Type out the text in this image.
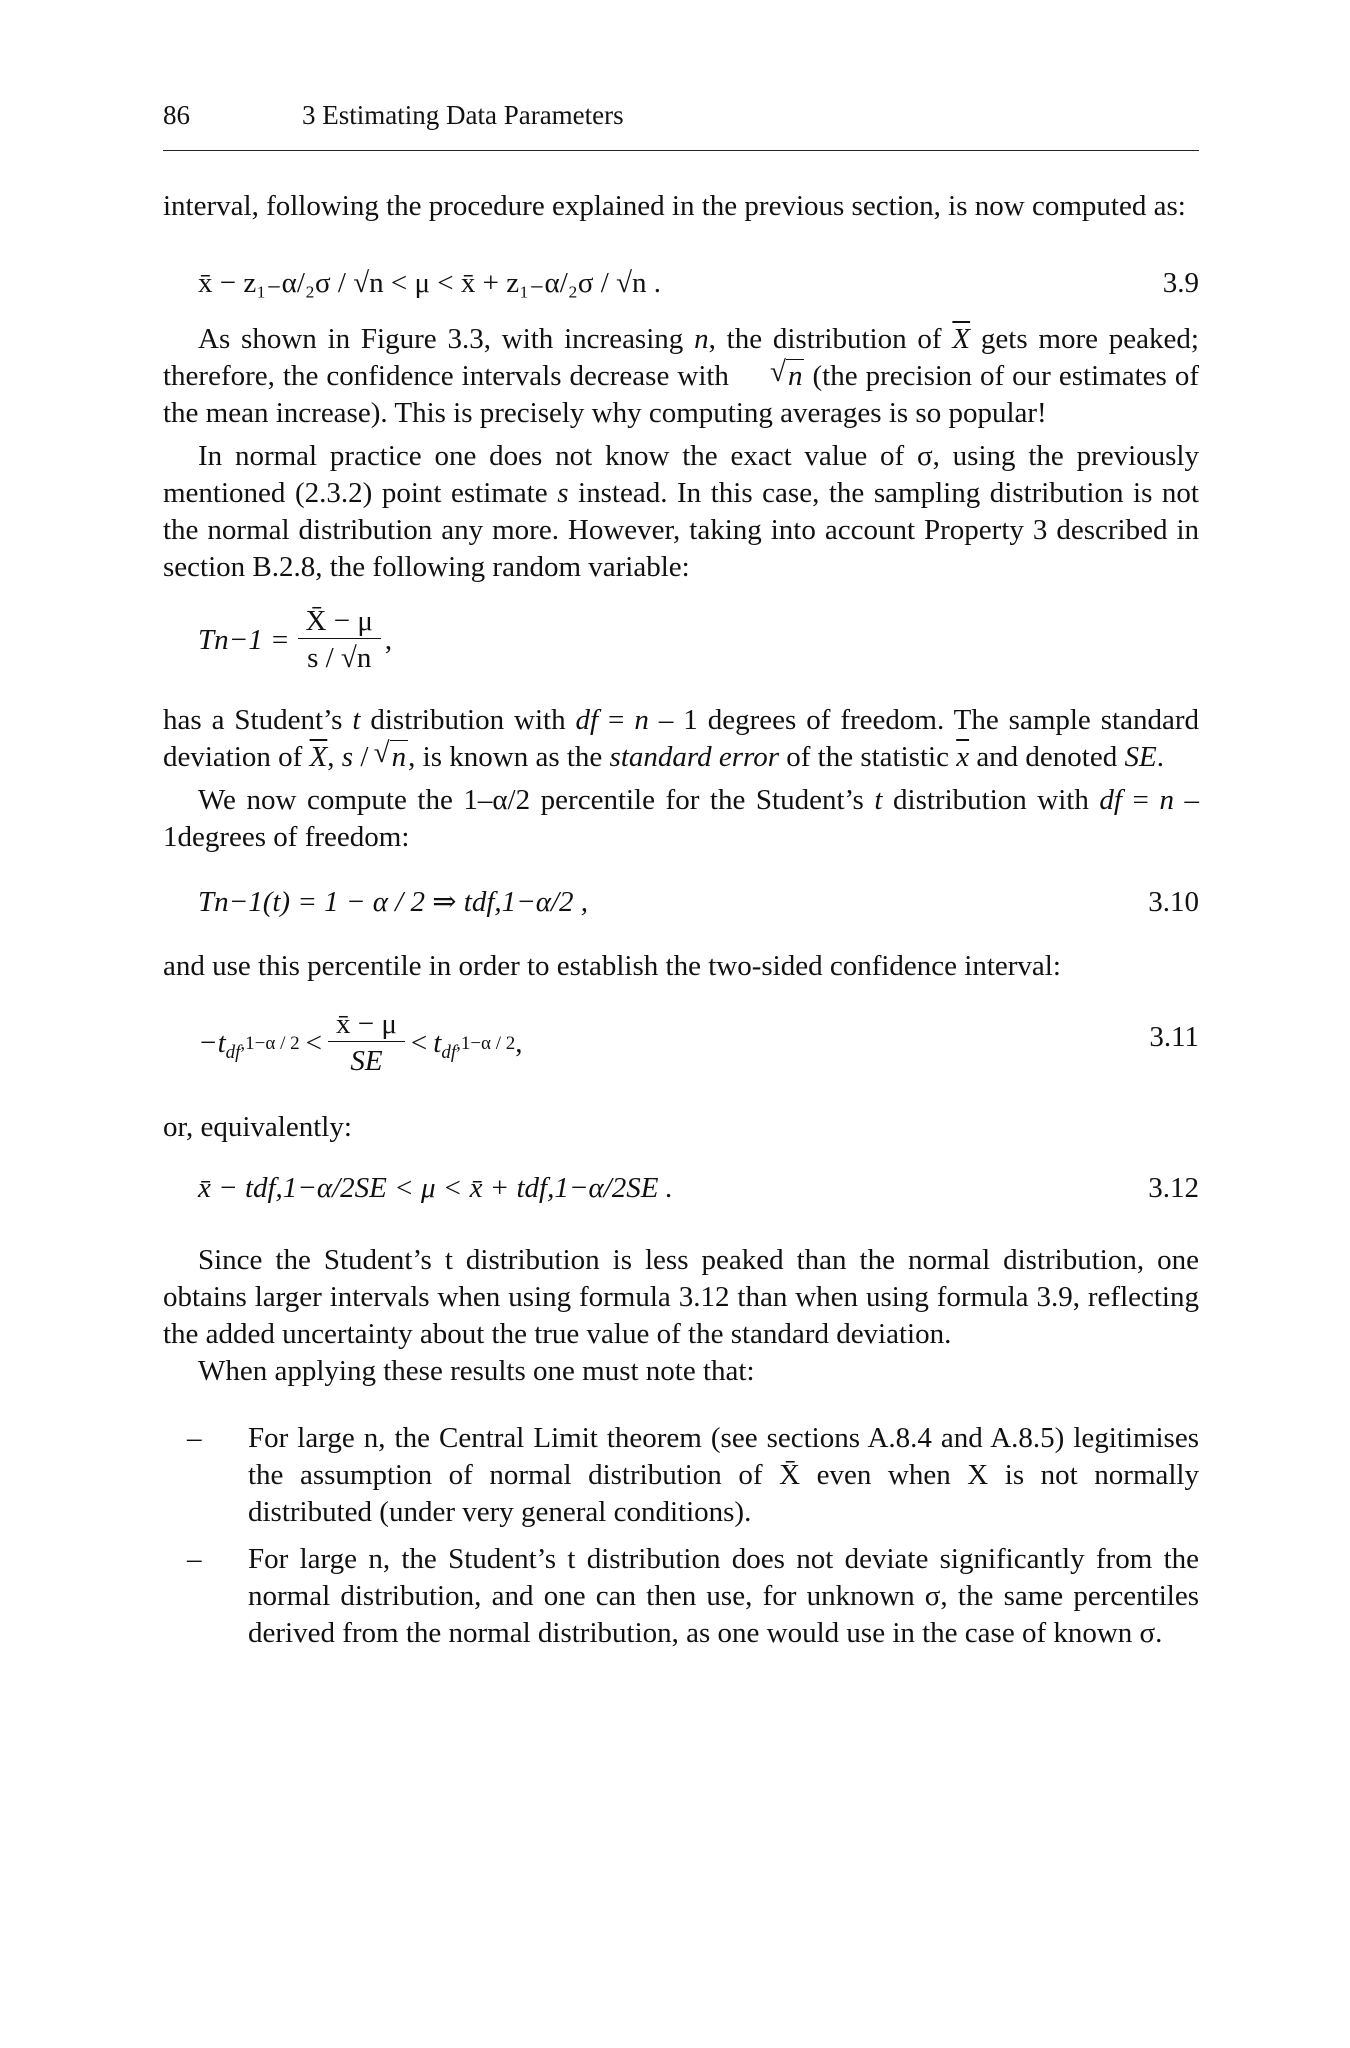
86	3 Estimating Data Parameters

interval, following the procedure explained in the previous section, is now computed as:

x̄ − z₁₋α/₂σ / √n < μ < x̄ + z₁₋α/₂σ / √n .	3.9

As shown in Figure 3.3, with increasing n, the distribution of $\overline{X}$ gets more peaked; therefore, the confidence intervals decrease with √ n (the precision of our estimates of the mean increase). This is precisely why computing averages is so popular!

In normal practice one does not know the exact value of σ, using the previously mentioned (2.3.2) point estimate s instead. In this case, the sampling distribution is not the normal distribution any more. However, taking into account Property 3 described in section B.2.8, the following random variable:

$Tn-1 = \frac{X̄ - \mu}{s / √n}$ ,

has a Student’s t distribution with df = n – 1 degrees of freedom. The sample standard deviation of $\overline{X}$, s / √ n, is known as the standard error of the statistic $\overline{x}$ and denoted SE.

We now compute the 1–α/2 percentile for the Student’s t distribution with df = n – 1degrees of freedom:

Tn−1(t) = 1 − α / 2 ⇒ tdf,1−α/2 ,	3.10

and use this percentile in order to establish the two-sided confidence interval:

$-t_{df}$ $,1-\alpha / 2 < \frac{x̄ - \mu}{SE} < t_{df}$ ,1−α / 2 ,	3.11

or, equivalently:

x̄ − tdf,1−α/2SE < μ < x̄ + tdf,1−α/2SE .	3.12

Since the Student’s t distribution is less peaked than the normal distribution, one obtains larger intervals when using formula 3.12 than when using formula 3.9, reflecting the added uncertainty about the true value of the standard deviation.

When applying these results one must note that:

– For large n, the Central Limit theorem (see sections A.8.4 and A.8.5) legitimises the assumption of normal distribution of X̄ even when X is not normally distributed (under very general conditions).
– For large n, the Student’s t distribution does not deviate significantly from the normal distribution, and one can then use, for unknown σ, the same percentiles derived from the normal distribution, as one would use in the case of known σ.
